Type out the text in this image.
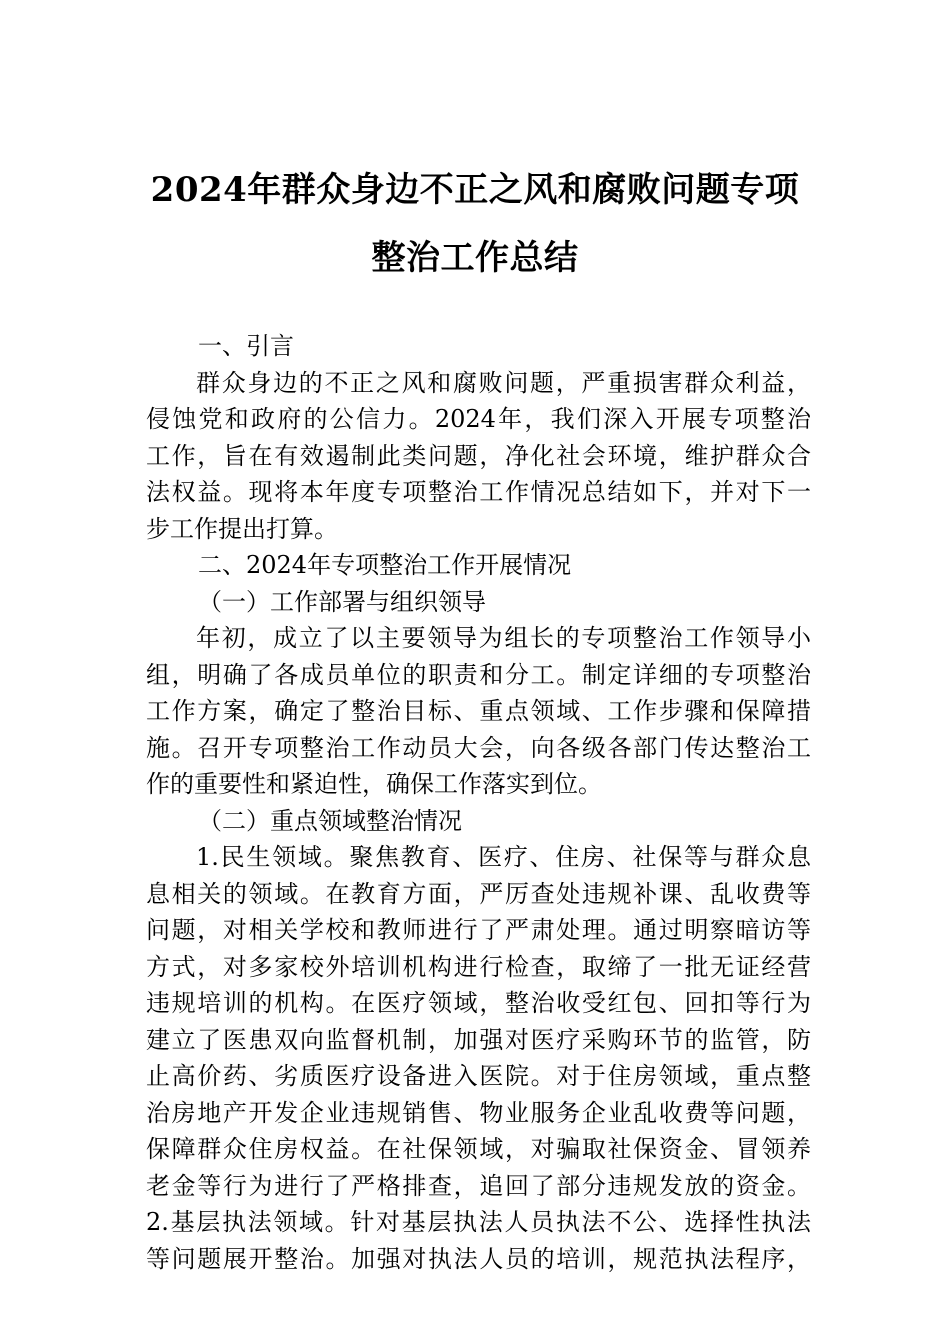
2024年群众身边不正之风和腐败问题专项
整治工作总结
一、引言
群众身边的不正之风和腐败问题，严重损害群众利益，
侵蚀党和政府的公信力。2024年，我们深入开展专项整治
工作，旨在有效遏制此类问题，净化社会环境，维护群众合
法权益。现将本年度专项整治工作情况总结如下，并对下一
步工作提出打算。
二、2024年专项整治工作开展情况
（一）工作部署与组织领导
年初，成立了以主要领导为组长的专项整治工作领导小
组，明确了各成员单位的职责和分工。制定详细的专项整治
工作方案，确定了整治目标、重点领域、工作步骤和保障措
施。召开专项整治工作动员大会，向各级各部门传达整治工
作的重要性和紧迫性，确保工作落实到位。
（二）重点领域整治情况
1.民生领域。聚焦教育、医疗、住房、社保等与群众息
息相关的领域。在教育方面，严厉查处违规补课、乱收费等
问题，对相关学校和教师进行了严肃处理。通过明察暗访等
方式，对多家校外培训机构进行检查，取缔了一批无证经营
违规培训的机构。在医疗领域，整治收受红包、回扣等行为
建立了医患双向监督机制，加强对医疗采购环节的监管，防
止高价药、劣质医疗设备进入医院。对于住房领域，重点整
治房地产开发企业违规销售、物业服务企业乱收费等问题，
保障群众住房权益。在社保领域，对骗取社保资金、冒领养
老金等行为进行了严格排查，追回了部分违规发放的资金。
2.基层执法领域。针对基层执法人员执法不公、选择性执法
等问题展开整治。加强对执法人员的培训，规范执法程序，
